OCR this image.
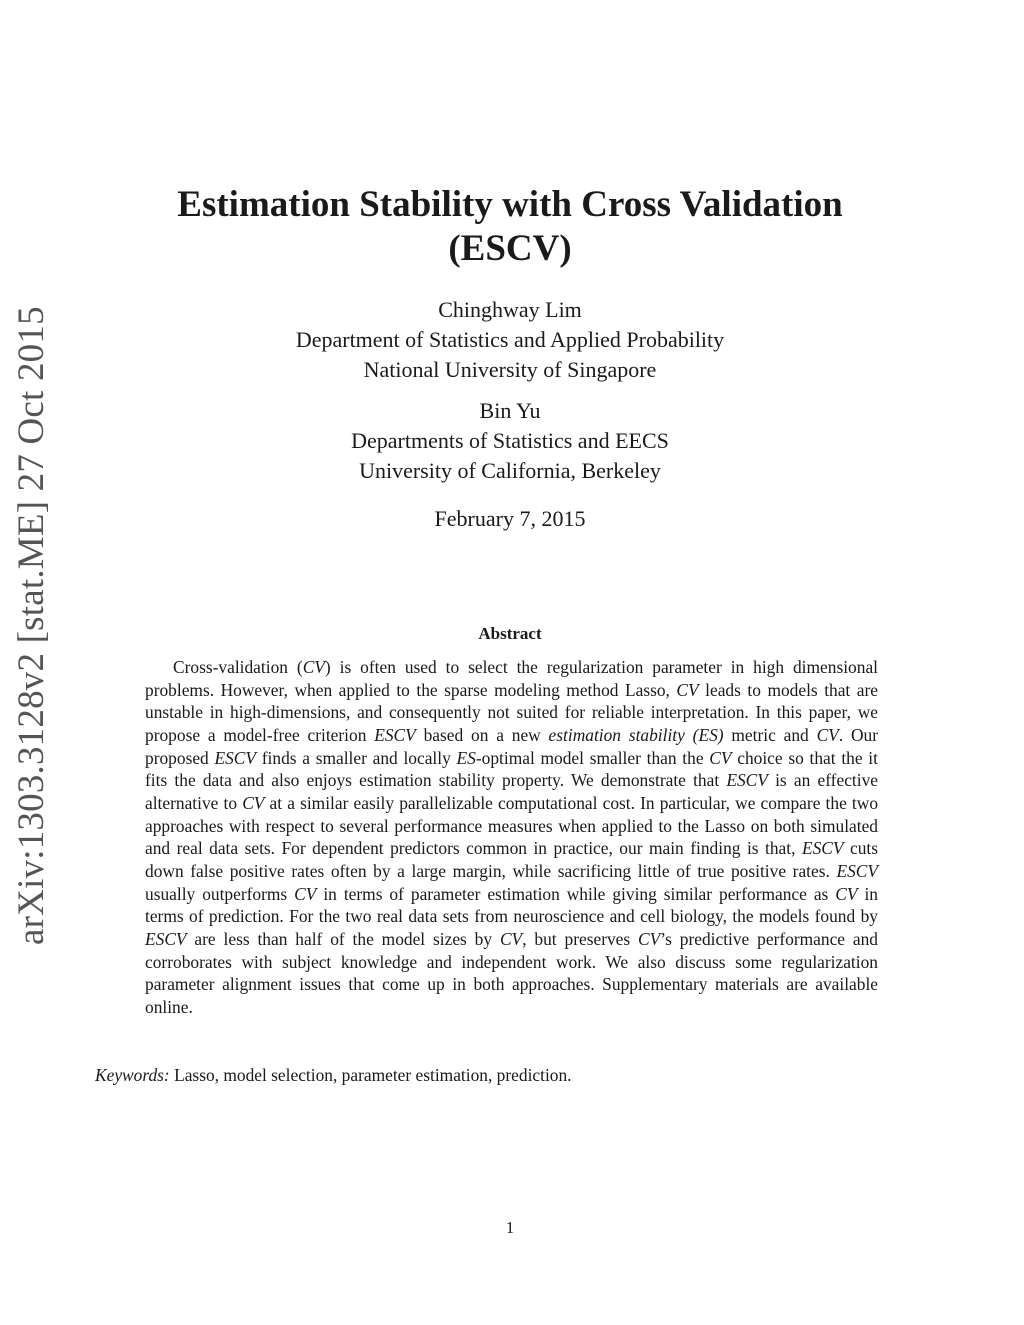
arXiv:1303.3128v2 [stat.ME] 27 Oct 2015
Estimation Stability with Cross Validation
(ESCV)
Chinghway Lim
Department of Statistics and Applied Probability
National University of Singapore
Bin Yu
Departments of Statistics and EECS
University of California, Berkeley
February 7, 2015
Abstract

Cross-validation (CV) is often used to select the regularization parameter in high dimensional problems. However, when applied to the sparse modeling method Lasso, CV leads to models that are unstable in high-dimensions, and consequently not suited for reliable interpretation. In this paper, we propose a model-free criterion ESCV based on a new estimation stability (ES) metric and CV. Our proposed ESCV finds a smaller and locally ES-optimal model smaller than the CV choice so that the it fits the data and also enjoys estimation stability property. We demonstrate that ESCV is an effective alternative to CV at a similar easily parallelizable computational cost. In particular, we compare the two approaches with respect to several performance measures when applied to the Lasso on both simulated and real data sets. For dependent predictors common in practice, our main finding is that, ESCV cuts down false positive rates often by a large margin, while sacrificing little of true positive rates. ESCV usually outperforms CV in terms of parameter estimation while giving similar performance as CV in terms of prediction. For the two real data sets from neuroscience and cell biology, the models found by ESCV are less than half of the model sizes by CV, but preserves CV’s predictive performance and corroborates with subject knowledge and independent work. We also discuss some regularization parameter alignment issues that come up in both approaches. Supplementary materials are available online.

Keywords: Lasso, model selection, parameter estimation, prediction.
1
